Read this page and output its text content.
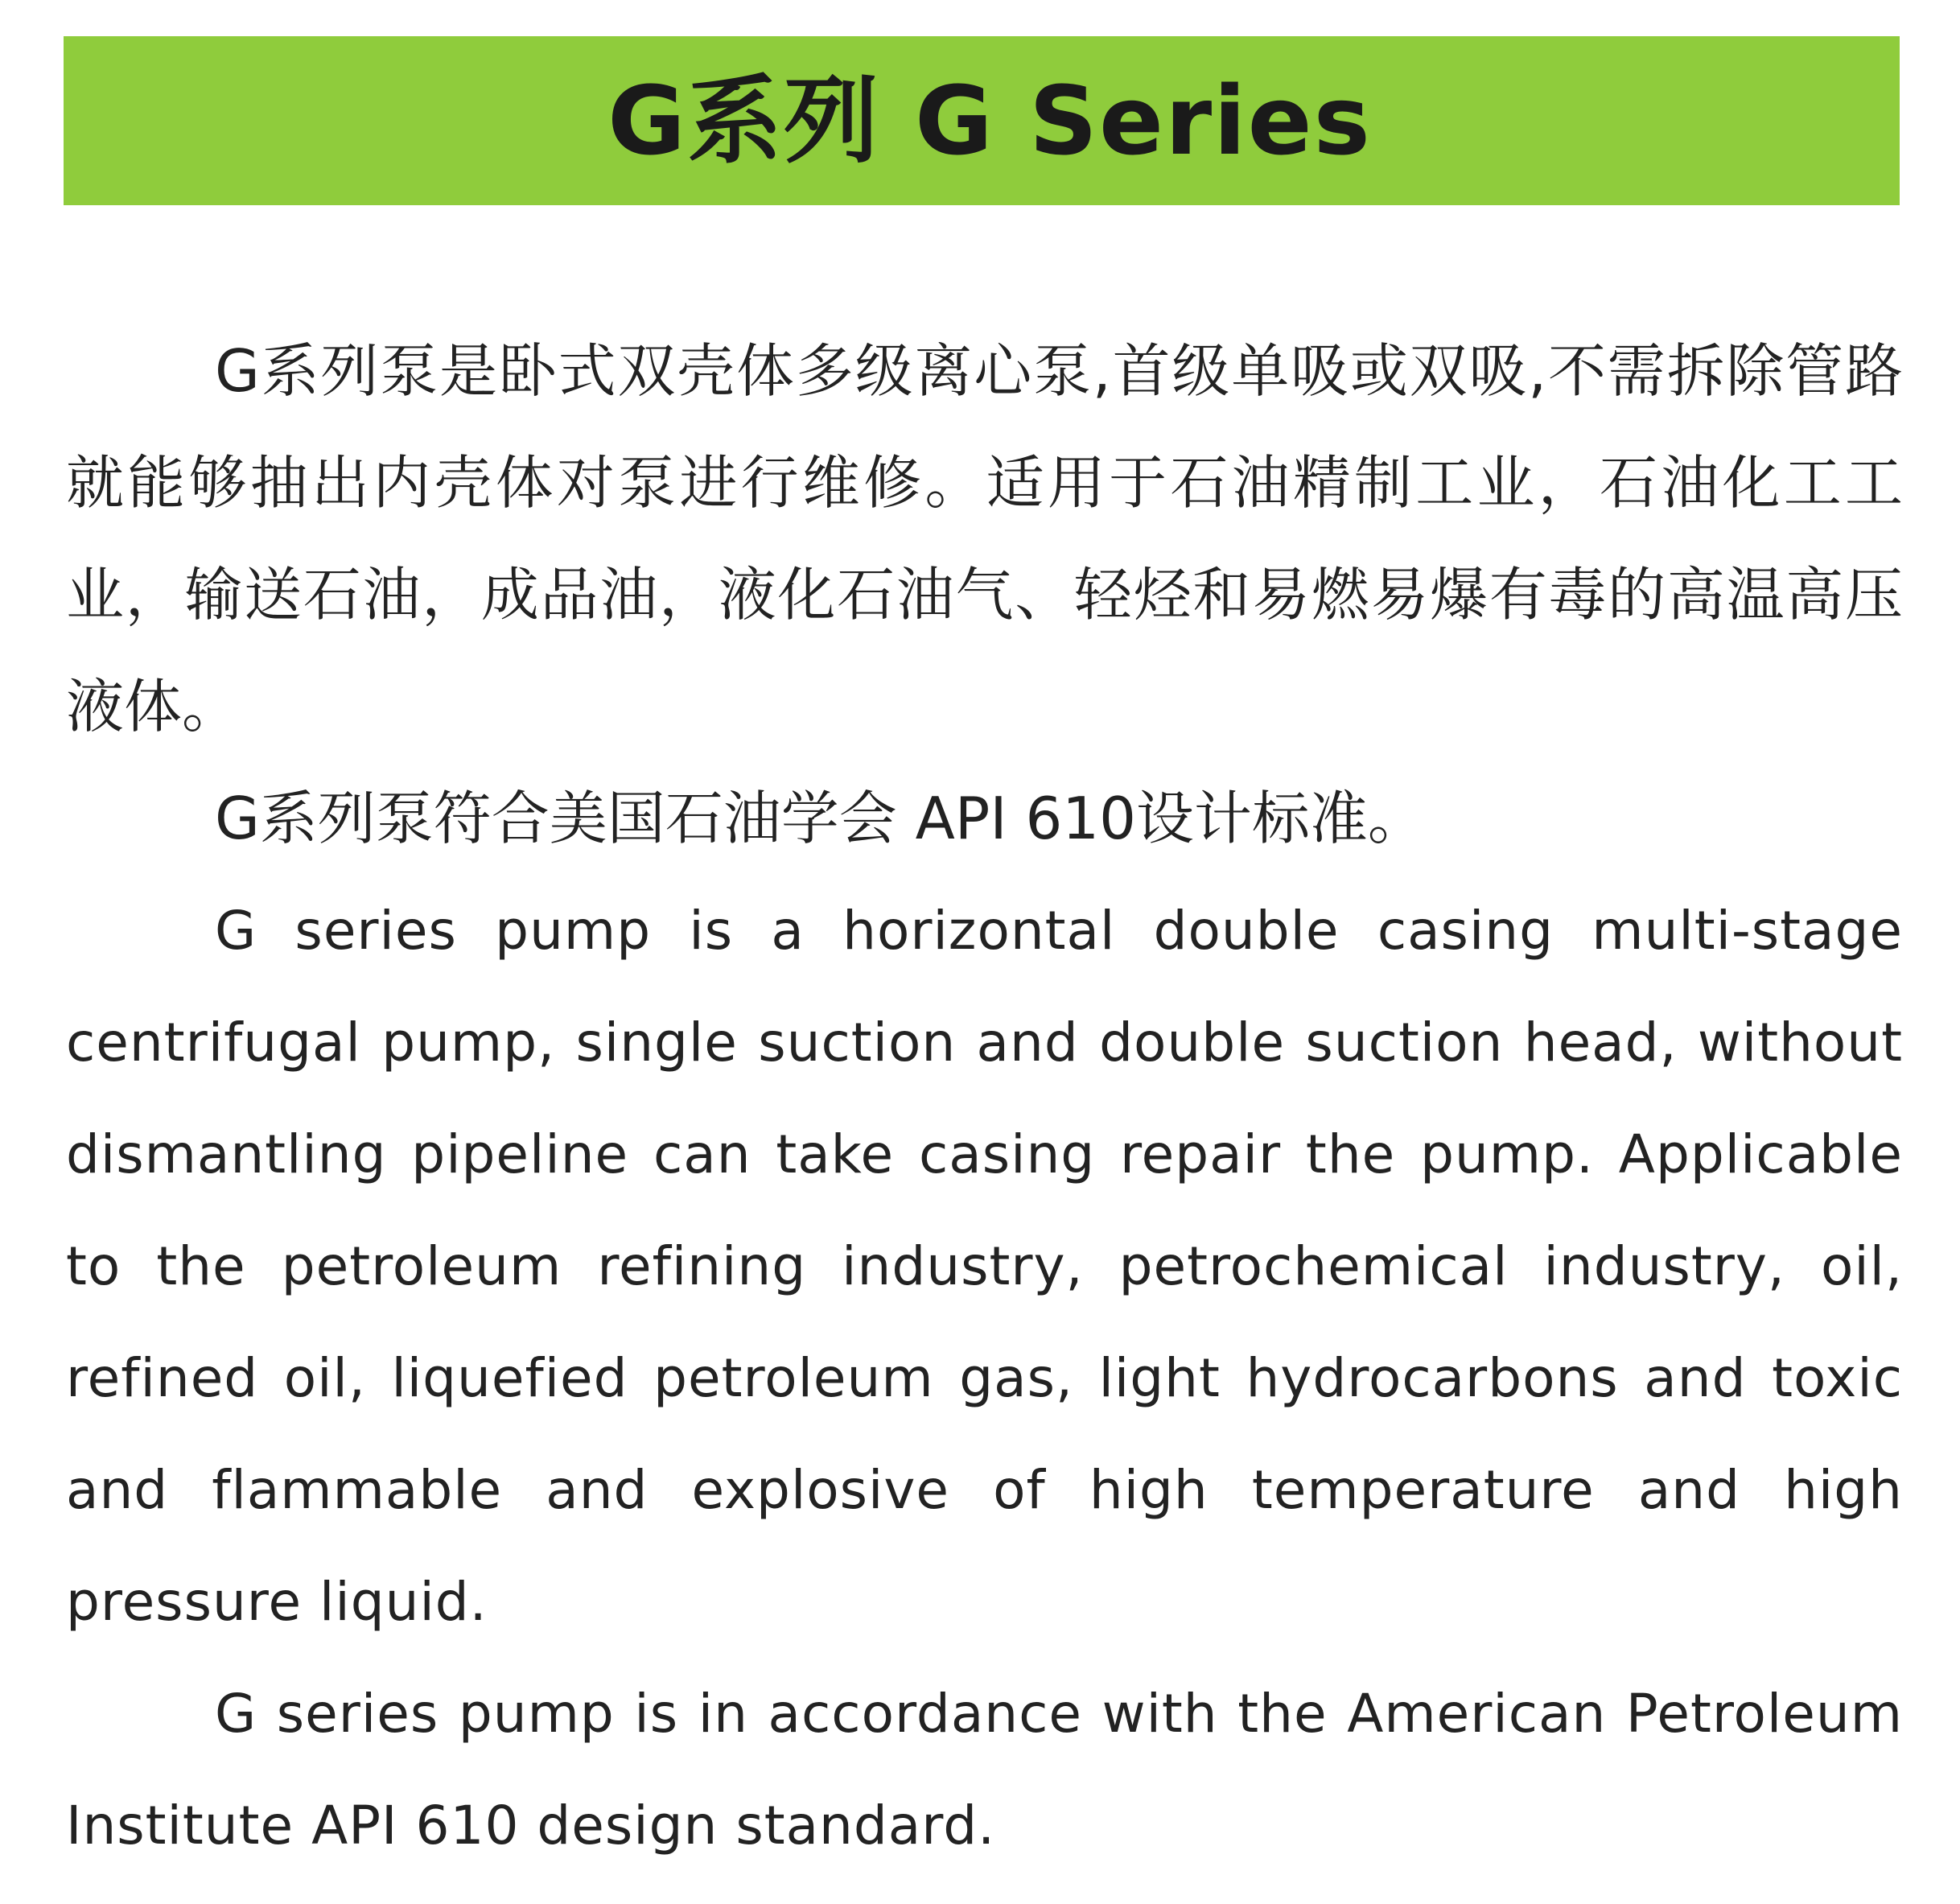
G系列 G Series

G系列泵是卧式双壳体多级离心泵,首级单吸或双吸,不需拆除管路就能够抽出内壳体对泵进行维修。适用于石油精制工业，石油化工工业，输送石油，成品油，液化石油气、轻烃和易燃易爆有毒的高温高压液体。

G系列泵符合美国石油学会 API 610设计标准。

G series pump is a horizontal double casing multi-stage centrifugal pump, single suction and double suction head, without dismantling pipeline can take casing repair the pump. Applicable to the petroleum refining industry, petrochemical industry, oil, refined oil, liquefied petroleum gas, light hydrocarbons and toxic and flammable and explosive of high temperature and high pressure liquid.

G series pump is in accordance with the American Petroleum Institute API 610 design standard.
